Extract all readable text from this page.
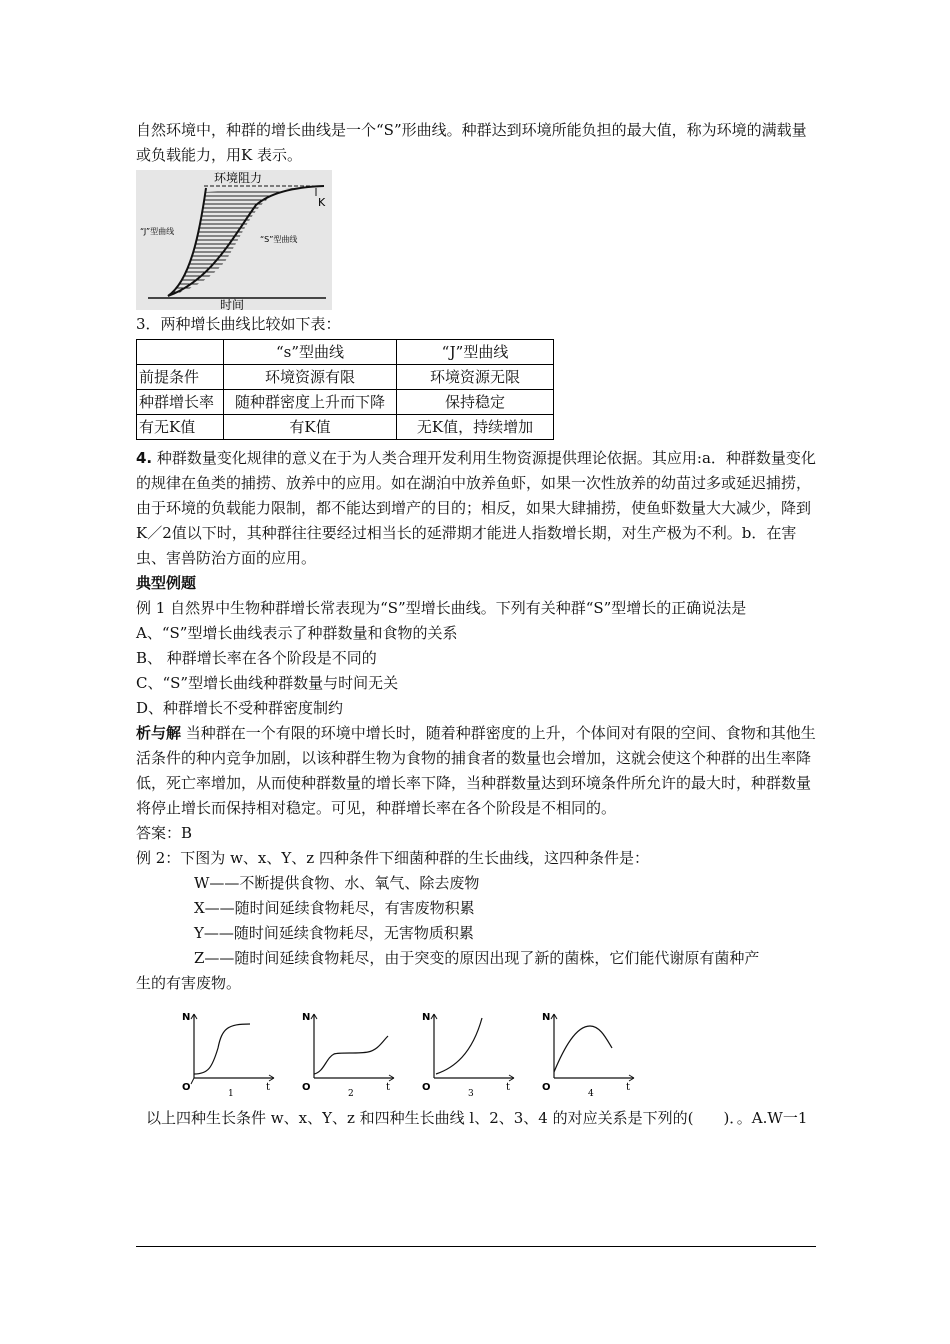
自然环境中，种群的增长曲线是一个“S”形曲线。种群达到环境所能负担的最大值，称为环境的满载量或负载能力，用K 表示。

环境阻力
K
“J”型曲线
“S”型曲线
时间

3．两种增长曲线比较如下表：

	“s”型曲线	“J”型曲线
前提条件	环境资源有限	环境资源无限
种群增长率	随种群密度上升而下降	保持稳定
有无K值	有K值	无K值，持续增加

4. 种群数量变化规律的意义在于为人类合理开发利用生物资源提供理论依据。其应用:a．种群数量变化的规律在鱼类的捕捞、放养中的应用。如在湖泊中放养鱼虾，如果一次性放养的幼苗过多或延迟捕捞，由于环境的负载能力限制，都不能达到增产的目的；相反，如果大肆捕捞，使鱼虾数量大大减少，降到K／2值以下时，其种群往往要经过相当长的延滞期才能进人指数增长期，对生产极为不利。b．在害虫、害兽防治方面的应用。

典型例题

例 1 自然界中生物种群增长常表现为“S”型增长曲线。下列有关种群“S”型增长的正确说法是

A、“S”型增长曲线表示了种群数量和食物的关系

B、 种群增长率在各个阶段是不同的

C、“S”型增长曲线种群数量与时间无关

D、种群增长不受种群密度制约

析与解 当种群在一个有限的环境中增长时，随着种群密度的上升，个体间对有限的空间、食物和其他生活条件的种内竞争加剧，以该种群生物为食物的捕食者的数量也会增加，这就会使这个种群的出生率降低，死亡率增加，从而使种群数量的增长率下降，当种群数量达到环境条件所允许的最大时，种群数量将停止增长而保持相对稳定。可见，种群增长率在各个阶段是不相同的。

答案：B

例 2：下图为 w、x、Y、z 四种条件下细菌种群的生长曲线，这四种条件是：

W——不断提供食物、水、氧气、除去废物

X——随时间延续食物耗尽，有害废物积累

Y——随时间延续食物耗尽，无害物质积累

Z——随时间延续食物耗尽，由于突变的原因出现了新的菌株，它们能代谢原有菌种产

生的有害废物。

N
O	t
1
N
O	t
2
N
O	t
3
N
O	t
4

以上四种生长条件 w、x、Y、z 和四种生长曲线 l、2、3、4 的对应关系是下列的(　　)．。A.W一1
